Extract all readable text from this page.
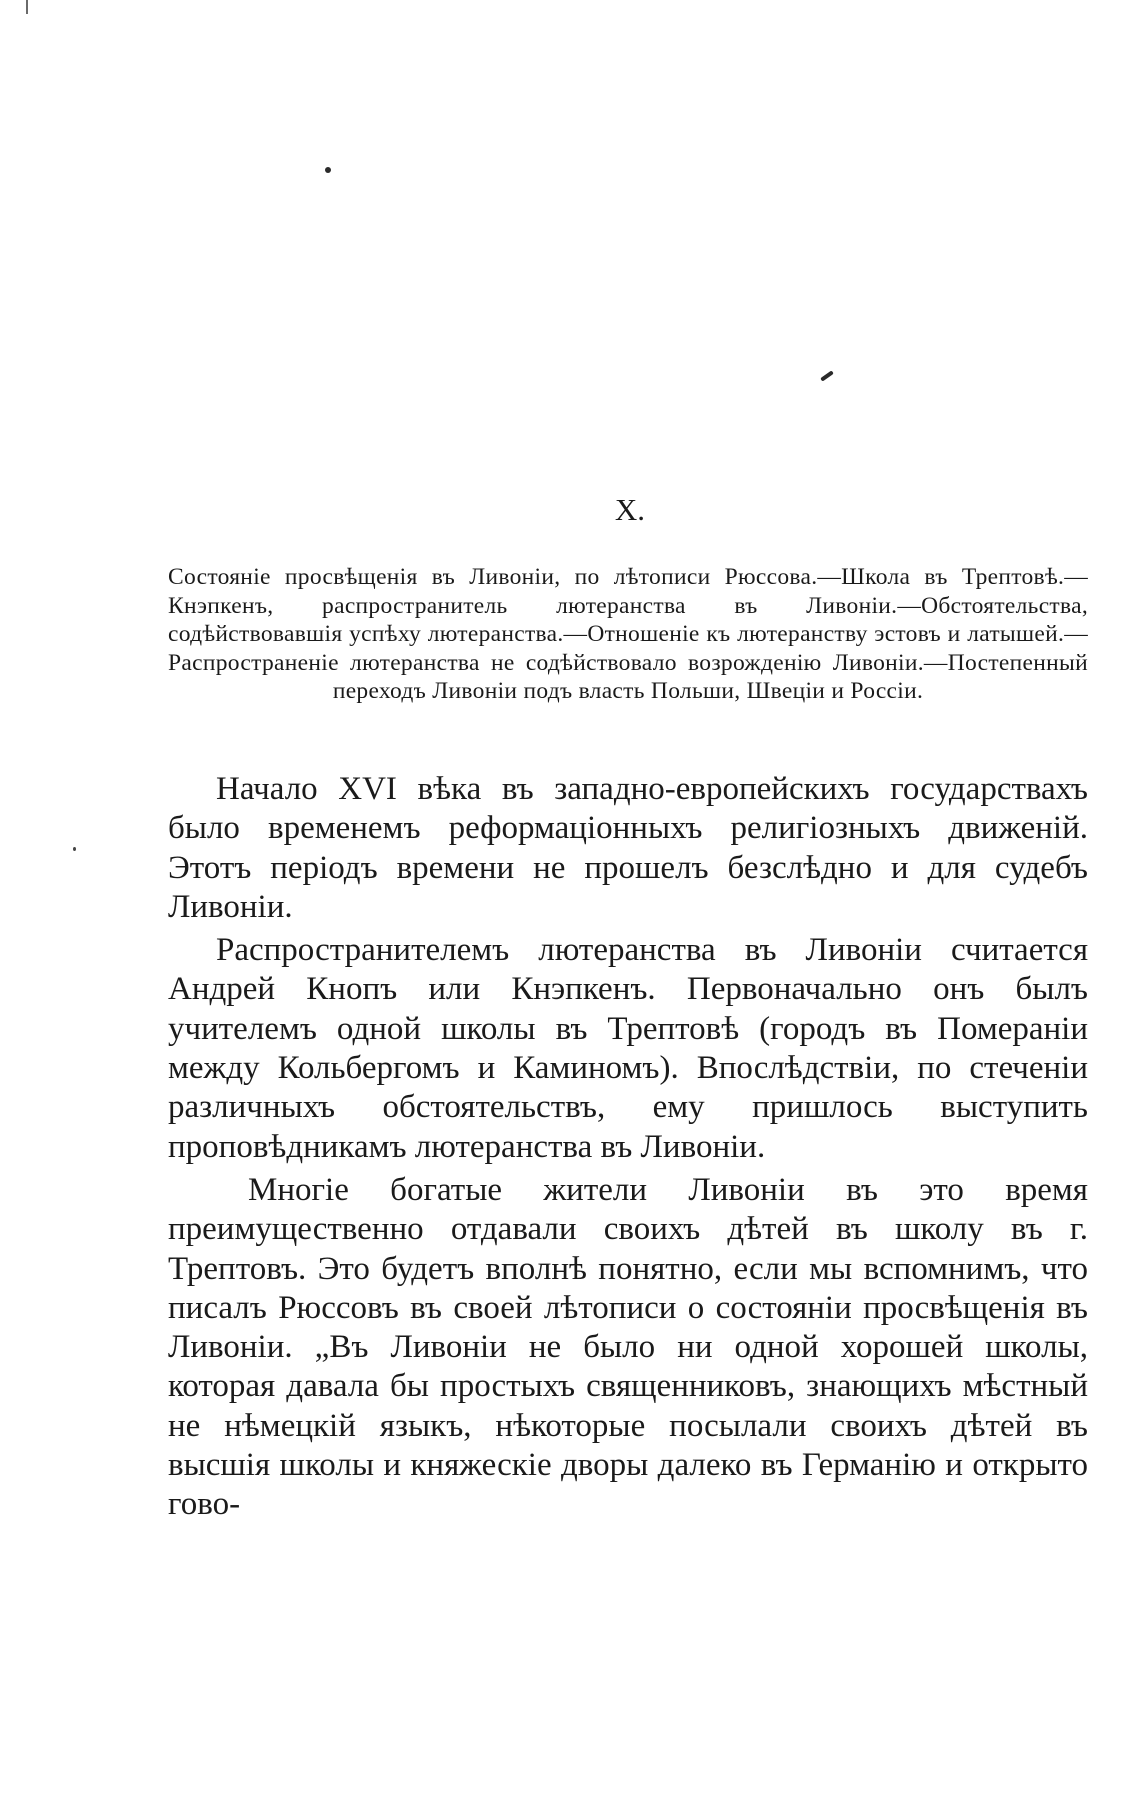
X.
Состоянiе просвѣщенiя въ Ливонiи, по лѣтописи Рюссова.—Школа въ Трептовѣ.—Кнэпкенъ, распространитель лютеранства въ Ливонiи.—Обстоятельства, содѣйствовавшiя успѣху лютеранства.—Отношенiе къ лютеранству эстовъ и латышей.—Распространенiе лютеранства не содѣйствовало возрожденiю Ливонiи.—Постепенный переходъ Ливонiи подъ власть Польши, Швецiи и Россiи.

Начало XVI вѣка въ западно-европейскихъ государствахъ было временемъ реформацiонныхъ религiозныхъ движенiй. Этотъ перiодъ времени не прошелъ безслѣдно и для судебъ Ливонiи.

Распространителемъ лютеранства въ Ливонiи считается Андрей Кнопъ или Кнэпкенъ. Первоначально онъ былъ учителемъ одной школы въ Трептовѣ (городъ въ Померанiи между Кольбергомъ и Каминомъ). Впослѣдствiи, по стеченiи различныхъ обстоятельствъ, ему пришлось выступить проповѣдникамъ лютеранства въ Ливонiи.

Многiе богатые жители Ливонiи въ это время преимущественно отдавали своихъ дѣтей въ школу въ г. Трептовъ. Это будетъ вполнѣ понятно, если мы вспомнимъ, что писалъ Рюссовъ въ своей лѣтописи о состоянiи просвѣщенiя въ Ливонiи. „Въ Ливонiи не было ни одной хорошей школы, которая давала бы простыхъ священниковъ, знающихъ мѣстный не нѣмецкiй языкъ, нѣкоторые посылали своихъ дѣтей въ высшiя школы и княжескiе дворы далеко въ Германiю и открыто гово-
